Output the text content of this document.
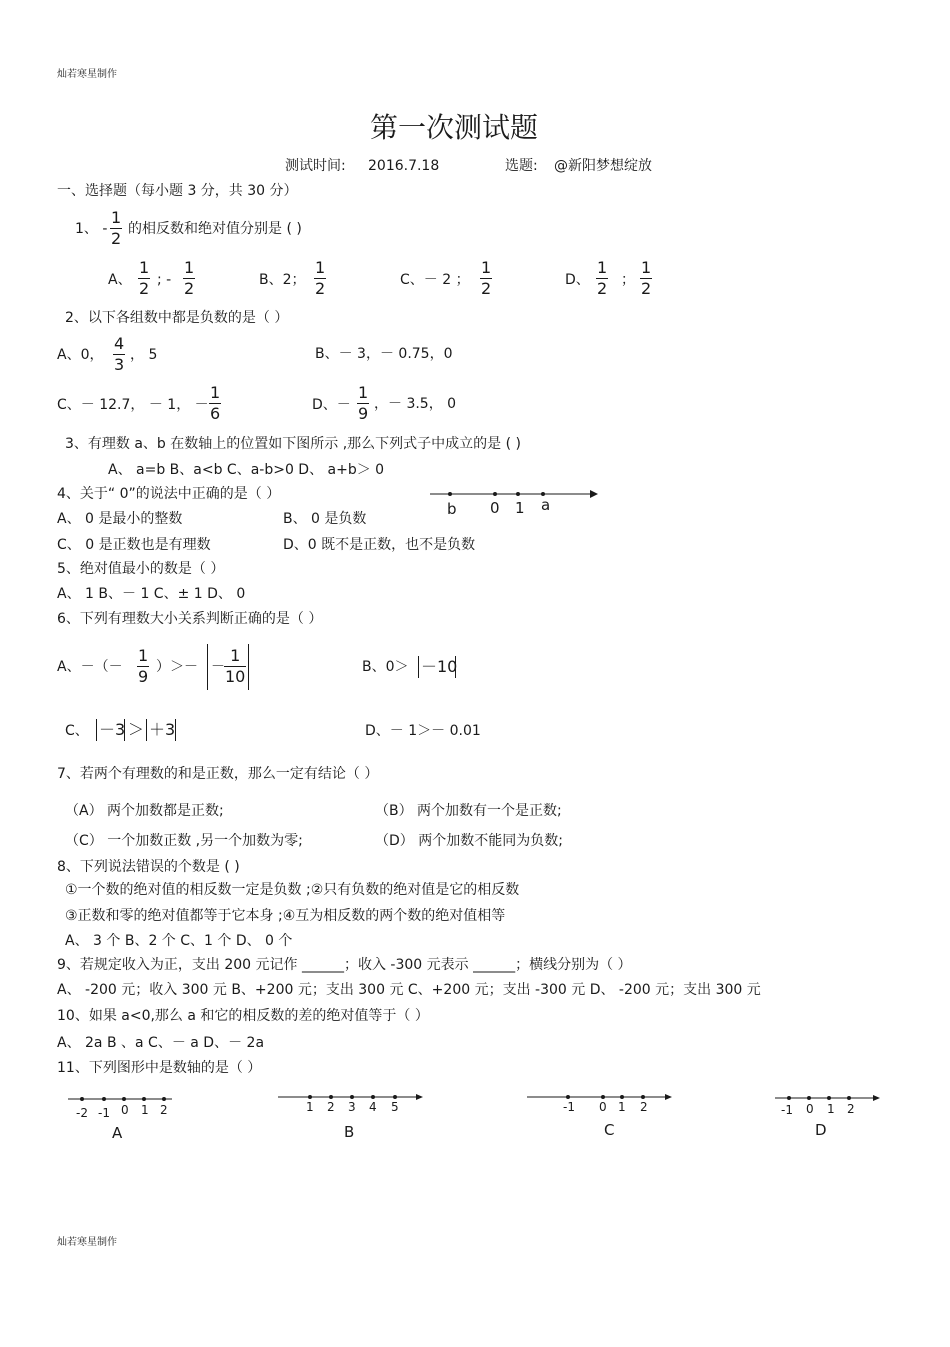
灿若寒星制作
第一次测试题
测试时间: 2016.7.18	选题: @新阳梦想绽放
一、选择题（每小题 3 分，共 30 分）
1、 -
1
2 的相反数和绝对值分别是 ( )
A、
1
2 ; -
1
2	B、2；
1
2	C、－ 2 ；
1
2	D、
1
2 ；
1
2
2、以下各组数中都是负数的是（ ）
A、0，
4
3 ， 5	B、－ 3，－ 0.75，0
C、－ 12.7， － 1， －
1
6	D、－
1
9 ，－ 3.5， 0
3、有理数 a、b 在数轴上的位置如下图所示 ,那么下列式子中成立的是 ( )
A、 a=b B、a<b C、a-b>0 D、 a+b＞ 0
b 0 1 a
4、关于“ 0”的说法中正确的是（ ）
A、 0 是最小的整数	B、 0 是负数
C、 0 是正数也是有理数	D、0 既不是正数，也不是负数
5、绝对值最小的数是（ ）
A、 1 B、－ 1 C、± 1 D、 0
6、下列有理数大小关系判断正确的是（ ）
A、－（－
1
9 ）＞－ －
1
10	B、0＞ －10
C、 －3 ＞ ＋3	D、－ 1＞－ 0.01
7、若两个有理数的和是正数，那么一定有结论（ ）
（A） 两个加数都是正数;	（B） 两个加数有一个是正数;
（C） 一个加数正数 ,另一个加数为零;	（D） 两个加数不能同为负数;
8、下列说法错误的个数是 ( )
①一个数的绝对值的相反数一定是负数 ;②只有负数的绝对值是它的相反数
③正数和零的绝对值都等于它本身 ;④互为相反数的两个数的绝对值相等
A、 3 个 B、2 个 C、1 个 D、 0 个
9、若规定收入为正，支出 200 元记作 ______；收入 -300 元表示 ______；横线分别为（ ）
A、 -200 元；收入 300 元 B、+200 元；支出 300 元 C、+200 元；支出 -300 元 D、 -200 元；支出 300 元
10、如果 a<0,那么 a 和它的相反数的差的绝对值等于（ ）
A、 2a B 、a C、－ a D、－ 2a
11、下列图形中是数轴的是（ ）
-2 -1 0 1 2
A
1 2 3 4 5
B
-1 0 1 2
C
-1 0 1 2
D
灿若寒星制作
